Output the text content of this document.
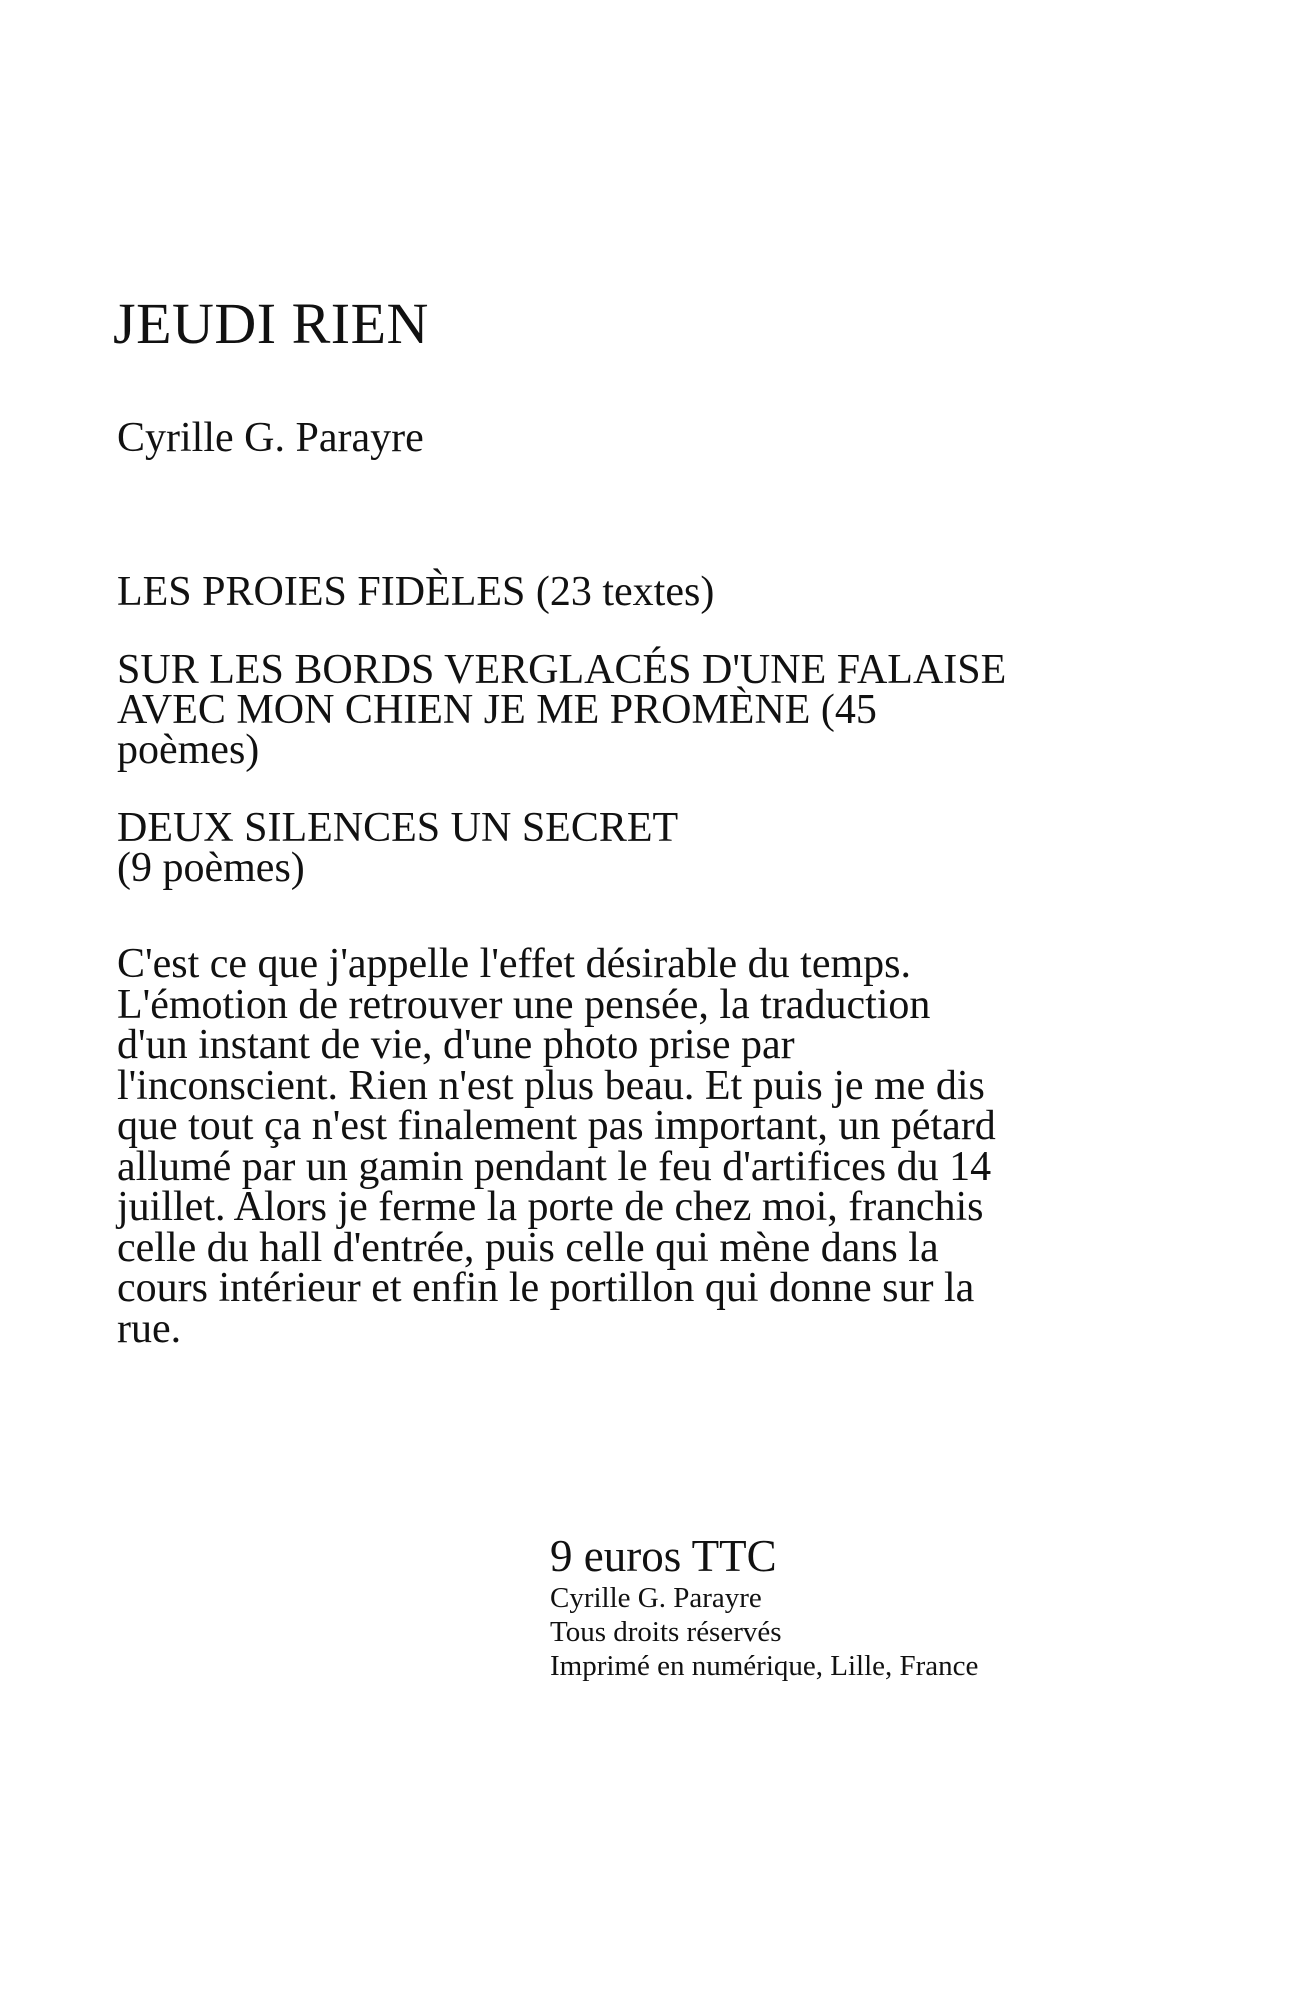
JEUDI RIEN

Cyrille G. Parayre

LES PROIES FIDÈLES (23 textes)
SUR LES BORDS VERGLACÉS D'UNE FALAISE AVEC MON CHIEN JE ME PROMÈNE (45 poèmes)
DEUX SILENCES UN SECRET
(9 poèmes)

C'est ce que j'appelle l'effet désirable du temps. L'émotion de retrouver une pensée, la traduction d'un instant de vie, d'une photo prise par l'inconscient. Rien n'est plus beau. Et puis je me dis que tout ça n'est finalement pas important, un pétard allumé par un gamin pendant le feu d'artifices du 14 juillet. Alors je ferme la porte de chez moi, franchis celle du hall d'entrée, puis celle qui mène dans la cours intérieur et enfin le portillon qui donne sur la rue.

9 euros TTC
Cyrille G. Parayre
Tous droits réservés
Imprimé en numérique, Lille, France
